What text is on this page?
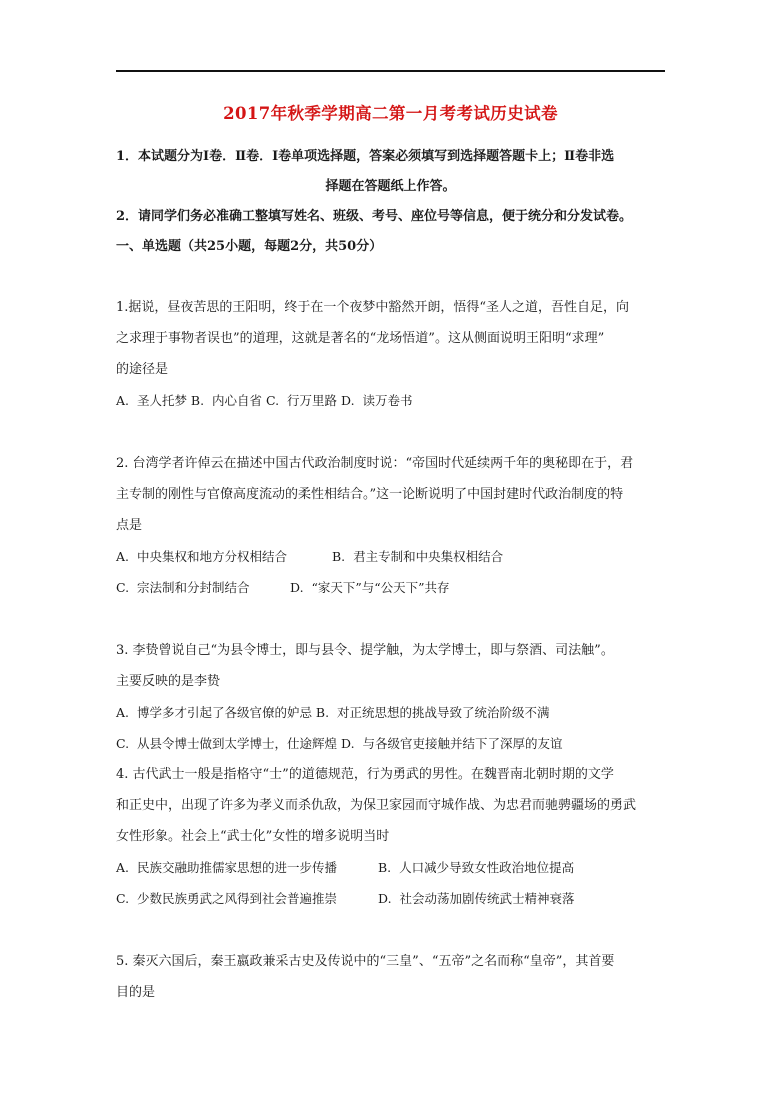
2017年秋季学期高二第一月考考试历史试卷

1．本试题分为Ⅰ卷．Ⅱ卷．Ⅰ卷单项选择题，答案必须填写到选择题答题卡上；Ⅱ卷非选
择题在答题纸上作答。

2．请同学们务必准确工整填写姓名、班级、考号、座位号等信息，便于统分和分发试卷。

一、单选题（共25小题，每题2分，共50分）

1.据说，昼夜苦思的王阳明，终于在一个夜梦中豁然开朗，悟得“圣人之道，吾性自足，向

之求理于事物者误也”的道理，这就是著名的“龙场悟道”。这从侧面说明王阳明“求理”

的途径是

A.  圣人托梦 B.  内心自省 C.  行万里路 D.  读万卷书

2. 台湾学者许倬云在描述中国古代政治制度时说：“帝国时代延续两千年的奥秘即在于，君

主专制的刚性与官僚高度流动的柔性相结合。”这一论断说明了中国封建时代政治制度的特

点是

A.  中央集权和地方分权相结合	B.  君主专制和中央集权相结合

C.  宗法制和分封制结合	D.  “家天下”与“公天下”共存

3. 李贽曾说自己“为县令博士，即与县令、提学触，为太学博士，即与祭酒、司法触”。

主要反映的是李贽

A.  博学多才引起了各级官僚的妒忌 B.  对正统思想的挑战导致了统治阶级不满

C.  从县令博士做到太学博士，仕途辉煌 D.  与各级官吏接触并结下了深厚的友谊

4. 古代武士一般是指格守“士”的道德规范，行为勇武的男性。在魏晋南北朝时期的文学

和正史中，出现了许多为孝义而杀仇敌，为保卫家园而守城作战、为忠君而驰骋疆场的勇武

女性形象。社会上“武士化”女性的增多说明当时

A.  民族交融助推儒家思想的进一步传播	B.  人口减少导致女性政治地位提高

C.  少数民族勇武之风得到社会普遍推崇	D.  社会动荡加剧传统武士精神衰落

5. 秦灭六国后，秦王嬴政兼采古史及传说中的“三皇”、“五帝”之名而称“皇帝”，其首要

目的是
